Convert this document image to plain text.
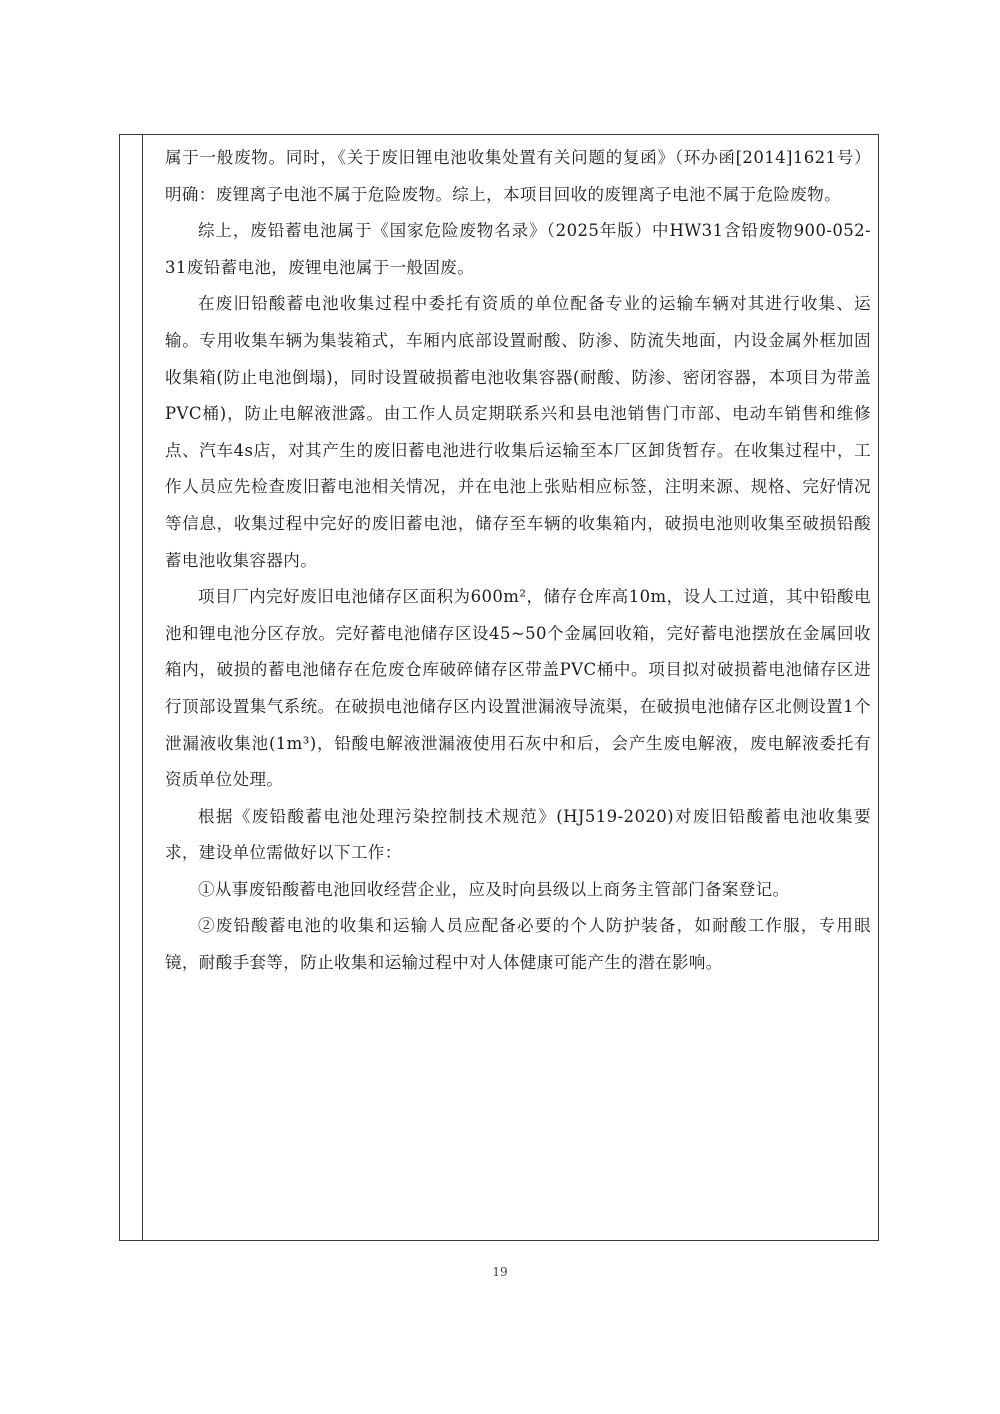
属于一般废物。同时，《关于废旧锂电池收集处置有关问题的复函》（环办函[2014]1621号）明确：废锂离子电池不属于危险废物。综上，本项目回收的废锂离子电池不属于危险废物。

综上，废铅蓄电池属于《国家危险废物名录》（2025年版）中HW31含铅废物900-052-31废铅蓄电池，废锂电池属于一般固废。

在废旧铅酸蓄电池收集过程中委托有资质的单位配备专业的运输车辆对其进行收集、运输。专用收集车辆为集装箱式，车厢内底部设置耐酸、防渗、防流失地面，内设金属外框加固收集箱(防止电池倒塌)，同时设置破损蓄电池收集容器(耐酸、防渗、密闭容器，本项目为带盖PVC桶)，防止电解液泄露。由工作人员定期联系兴和县电池销售门市部、电动车销售和维修点、汽车4s店，对其产生的废旧蓄电池进行收集后运输至本厂区卸货暂存。在收集过程中，工作人员应先检查废旧蓄电池相关情况，并在电池上张贴相应标签，注明来源、规格、完好情况等信息，收集过程中完好的废旧蓄电池，储存至车辆的收集箱内，破损电池则收集至破损铅酸蓄电池收集容器内。

项目厂内完好废旧电池储存区面积为600m²，储存仓库高10m，设人工过道，其中铅酸电池和锂电池分区存放。完好蓄电池储存区设45~50个金属回收箱，完好蓄电池摆放在金属回收箱内，破损的蓄电池储存在危废仓库破碎储存区带盖PVC桶中。项目拟对破损蓄电池储存区进行顶部设置集气系统。在破损电池储存区内设置泄漏液导流渠，在破损电池储存区北侧设置1个泄漏液收集池(1m³)，铅酸电解液泄漏液使用石灰中和后，会产生废电解液，废电解液委托有资质单位处理。

根据《废铅酸蓄电池处理污染控制技术规范》(HJ519-2020)对废旧铅酸蓄电池收集要求，建设单位需做好以下工作：

①从事废铅酸蓄电池回收经营企业，应及时向县级以上商务主管部门备案登记。

②废铅酸蓄电池的收集和运输人员应配备必要的个人防护装备，如耐酸工作服，专用眼镜，耐酸手套等，防止收集和运输过程中对人体健康可能产生的潜在影响。

19
